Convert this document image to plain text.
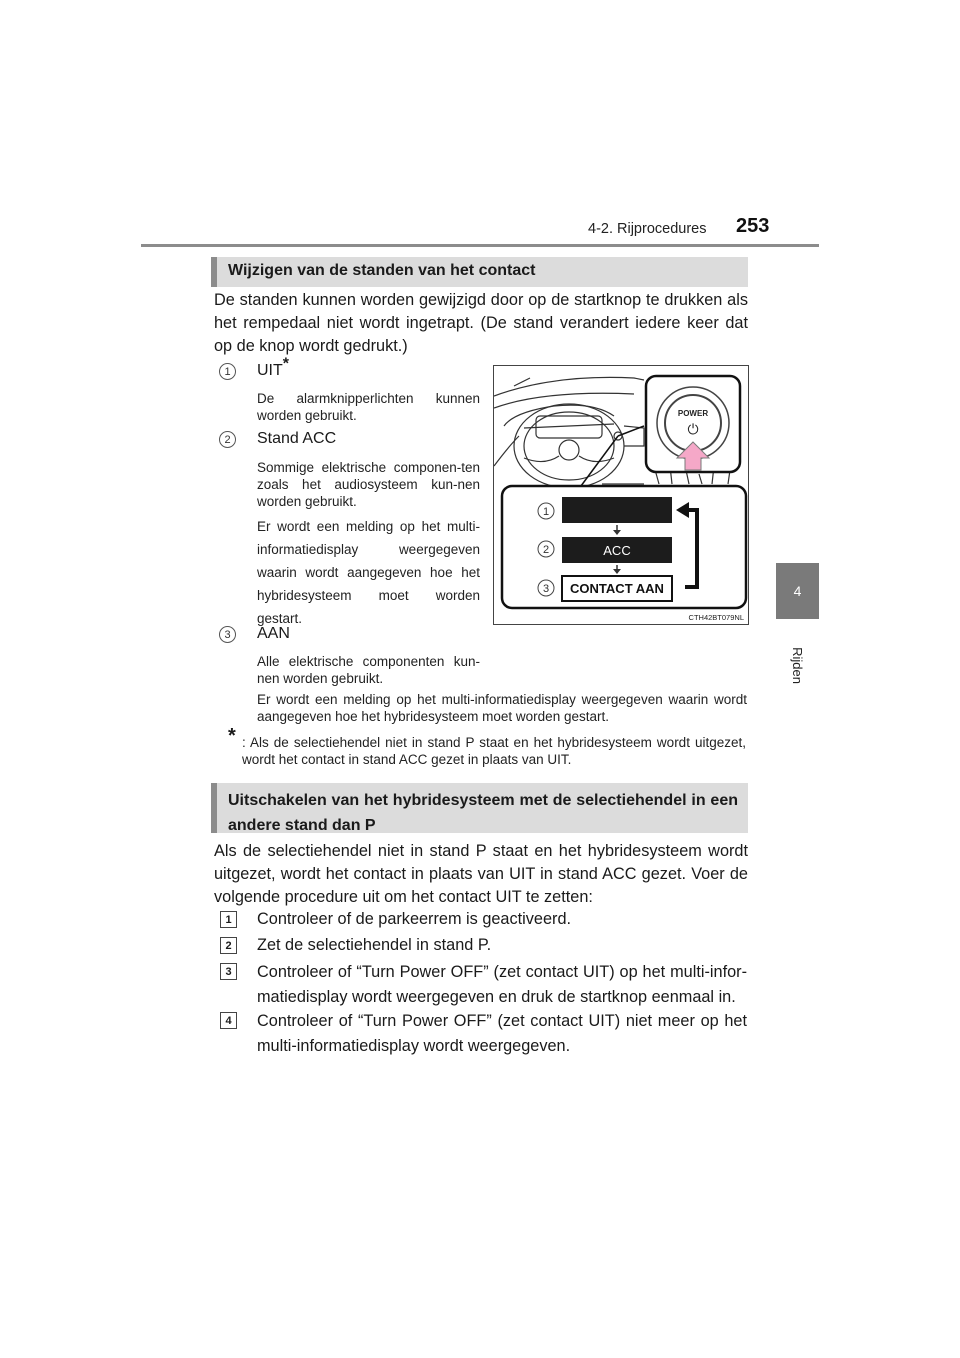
4-2. Rijprocedures 253
4
Rijden
Wijzigen van de standen van het contact
De standen kunnen worden gewijzigd door op de startknop te drukken als het rempedaal niet wordt ingetrapt. (De stand verandert iedere keer dat op de knop wordt gedrukt.)
1	UIT*
De alarmknipperlichten kunnen worden gebruikt.
2	Stand ACC
Sommige elektrische componen-ten zoals het audiosysteem kun-nen worden gebruikt.
Er wordt een melding op het multi-informatiedisplay weergegeven waarin wordt aangegeven hoe het hybridesysteem moet worden gestart.
3	AAN
Alle elektrische componenten kun-nen worden gebruikt.
Er wordt een melding op het multi-informatiedisplay weergegeven waarin wordt aangegeven hoe het hybridesysteem moet worden gestart.
* : Als de selectiehendel niet in stand P staat en het hybridesysteem wordt uitgezet, wordt het contact in stand ACC gezet in plaats van UIT.
POWER
⏻
ACC
CONTACT AAN
1
2
3
CTH42BT079NL
Uitschakelen van het hybridesysteem met de selectiehendel in een andere stand dan P
Als de selectiehendel niet in stand P staat en het hybridesysteem wordt uitgezet, wordt het contact in plaats van UIT in stand ACC gezet. Voer de volgende procedure uit om het contact UIT te zetten:
1	Controleer of de parkeerrem is geactiveerd.
2	Zet de selectiehendel in stand P.
3	Controleer of “Turn Power OFF” (zet contact UIT) op het multi-infor-matiedisplay wordt weergegeven en druk de startknop eenmaal in.
4	Controleer of “Turn Power OFF” (zet contact UIT) niet meer op het multi-informatiedisplay wordt weergegeven.
